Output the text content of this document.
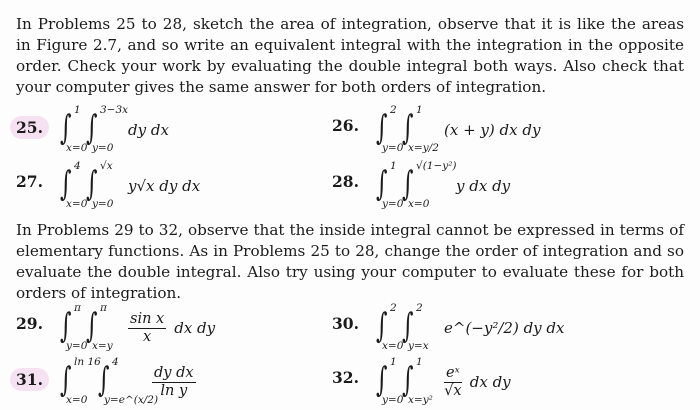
In Problems 25 to 28, sketch the area of integration, observe that it is like the areas in Figure 2.7, and so write an equivalent integral with the integration in the opposite order. Check your work by evaluating the double integral both ways. Also check that your computer gives the same answer for both orders of integration.

25. ∫ 1
x=0
∫ 3−3x
y=0
dy dx	26. ∫ 2
y=0
∫ 1
x=y/2
(x + y) dx dy
27. ∫ 4
x=0
∫ √x
y=0
y√x dy dx	28. ∫ 1
y=0
∫ √(1−y²)
x=0
y dx dy

In Problems 29 to 32, observe that the inside integral cannot be expressed in terms of elementary functions. As in Problems 25 to 28, change the order of integration and so evaluate the double integral. Also try using your computer to evaluate these for both orders of integration.

29. ∫ π
y=0
∫ π
x=y
$\frac{\text{sin x}}{x}$ dx dy	30. ∫ 2
x=0
∫ 2
y=x
e^(−y²/2) dy dx
31. ∫ ln 16
x=0 ∫ 4
y=e^(x/2)
$\frac{\text{dy dx}}{\text{ln y}}$	32. ∫ 1
y=0
∫ 1
x=y²
$\frac{\text{eˣ}}{√x}$ dx dy
